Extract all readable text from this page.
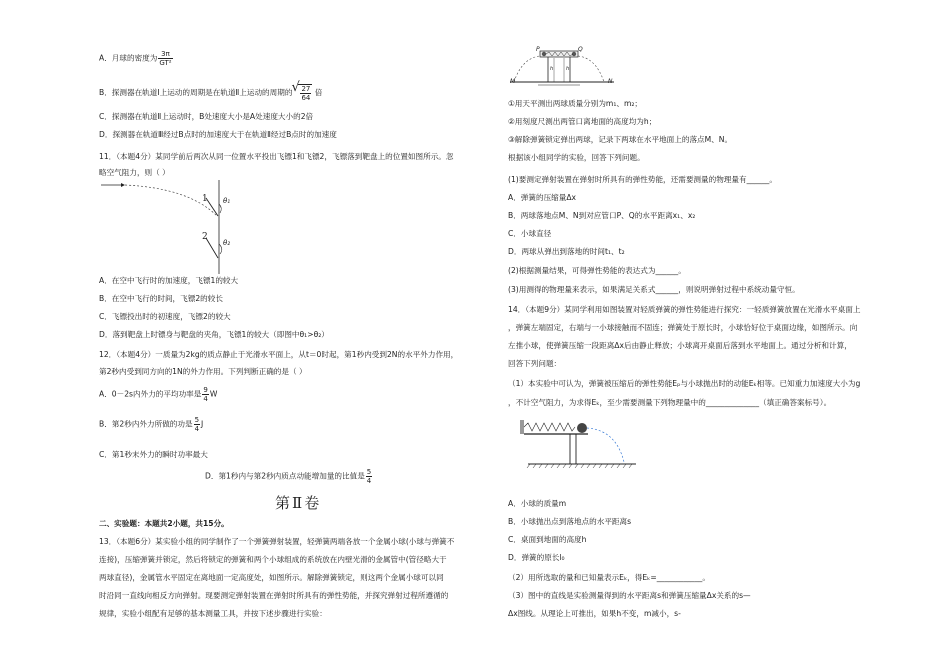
A．月球的密度为 $\frac{3\pi}{\text{GT²}}$
B．探测器在轨道Ⅰ上运动的周期是在轨道Ⅱ上运动的周期的
√ $\frac{27}{64}$ 倍
C．探测器在轨道Ⅱ上运动时，B处速度大小是A处速度大小的2倍
D．探测器在轨道Ⅲ经过B点时的加速度大于在轨道Ⅱ经过B点时的加速度
11．（本题4分）某同学前后两次从同一位置水平投出飞镖1和飞镖2，飞镖落到靶盘上的位置如图所示。忽
略空气阻力，则（ ）
1 θ₁
2
θ₂
A．在空中飞行时的加速度，飞镖1的较大
B．在空中飞行的时间，飞镖2的较长
C．飞镖投出时的初速度，飞镖2的较大
D．落到靶盘上时镖身与靶盘的夹角，飞镖1的较大（即图中θ₁>θ₂）
12．（本题4分）一质量为2kg的质点静止于光滑水平面上，从t＝0时起，第1秒内受到2N的水平外力作用，
第2秒内受到同方向的1N的外力作用。下列判断正确的是（ ）
A．0－2s内外力的平均功率是 $\frac{9}{4}$ W
B．第2秒内外力所做的功是 $\frac{5}{4}$ J
C．第1秒末外力的瞬时功率最大
D．第1秒内与第2秒内质点动能增加量的比值是 $\frac{5}{4}$
二、实验题：本题共2小题，共15分。
13．（本题6分）某实验小组的同学制作了一个弹簧弹射装置，轻弹簧两端各放一个金属小球(小球与弹簧不
连接)，压缩弹簧并锁定，然后将锁定的弹簧和两个小球组成的系统放在内壁光滑的金属管中(管径略大于
两球直径)，金属管水平固定在离地面一定高度处，如图所示。解除弹簧锁定，则这两个金属小球可以同
时沿同一直线向相反方向弹射。现要测定弹射装置在弹射时所具有的弹性势能，并探究弹射过程所遵循的
规律，实验小组配有足够的基本测量工具，并按下述步骤进行实验：
第Ⅱ卷
P	Q
M	N
h	h
①用天平测出两球质量分别为m₁、m₂；
②用刻度尺测出两管口离地面的高度均为h；
③解除弹簧锁定弹出两球，记录下两球在水平地面上的落点M、N。
根据该小组同学的实验，回答下列问题。
(1)要测定弹射装置在弹射时所具有的弹性势能，还需要测量的物理量有______。
A．弹簧的压缩量Δx
B．两球落地点M、N到对应管口P、Q的水平距离x₁、x₂
C．小球直径
D．两球从弹出到落地的时间t₁、t₂
(2)根据测量结果，可得弹性势能的表达式为______。
(3)用测得的物理量来表示，如果满足关系式______，则说明弹射过程中系统动量守恒。
14．（本题9分）某同学利用如图装置对轻质弹簧的弹性势能进行探究：一轻质弹簧放置在光滑水平桌面上
，弹簧左端固定，右端与一小球接触而不固连；弹簧处于原长时，小球恰好位于桌面边缘，如图所示。向
左推小球，使弹簧压缩一段距离Δx后由静止释放；小球离开桌面后落到水平地面上。通过分析和计算，
回答下列问题：
（1）本实验中可认为，弹簧被压缩后的弹性势能Eₚ与小球抛出时的动能Eₖ相等。已知重力加速度大小为g
，不计空气阻力，为求得Eₖ，至少需要测量下列物理量中的______________（填正确答案标号）。
A．小球的质量m
B．小球抛出点到落地点的水平距离s
C．桌面到地面的高度h
D．弹簧的原长l₀
（2）用所选取的量和已知量表示Eₖ，得Eₖ=____________。
（3）图中的直线是实验测量得到的水平距离s和弹簧压缩量Δx关系的s—
Δx图线。从理论上可推出，如果h不变，m减小，s-
